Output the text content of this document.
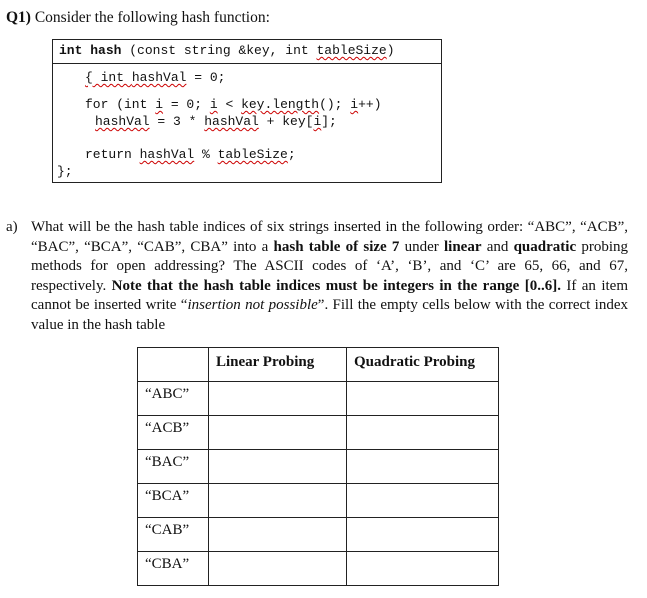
Q1) Consider the following hash function:
int hash (const string &key, int tableSize)
{ int hashVal = 0;
for (int i = 0; i < key.length(); i++)
hashVal = 3 * hashVal + key[i];
return hashVal % tableSize;
};
a) What will be the hash table indices of six strings inserted in the following order: “ABC”, “ACB”, “BAC”, “BCA”, “CAB”, CBA” into a hash table of size 7 under linear and quadratic probing methods for open addressing? The ASCII codes of ‘A’, ‘B’, and ‘C’ are 65, 66, and 67, respectively. Note that the hash table indices must be integers in the range [0..6]. If an item cannot be inserted write “insertion not possible”. Fill the empty cells below with the correct index value in the hash table
	Linear Probing	Quadratic Probing
“ABC”		
“ACB”		
“BAC”		
“BCA”		
“CAB”		
“CBA”		
